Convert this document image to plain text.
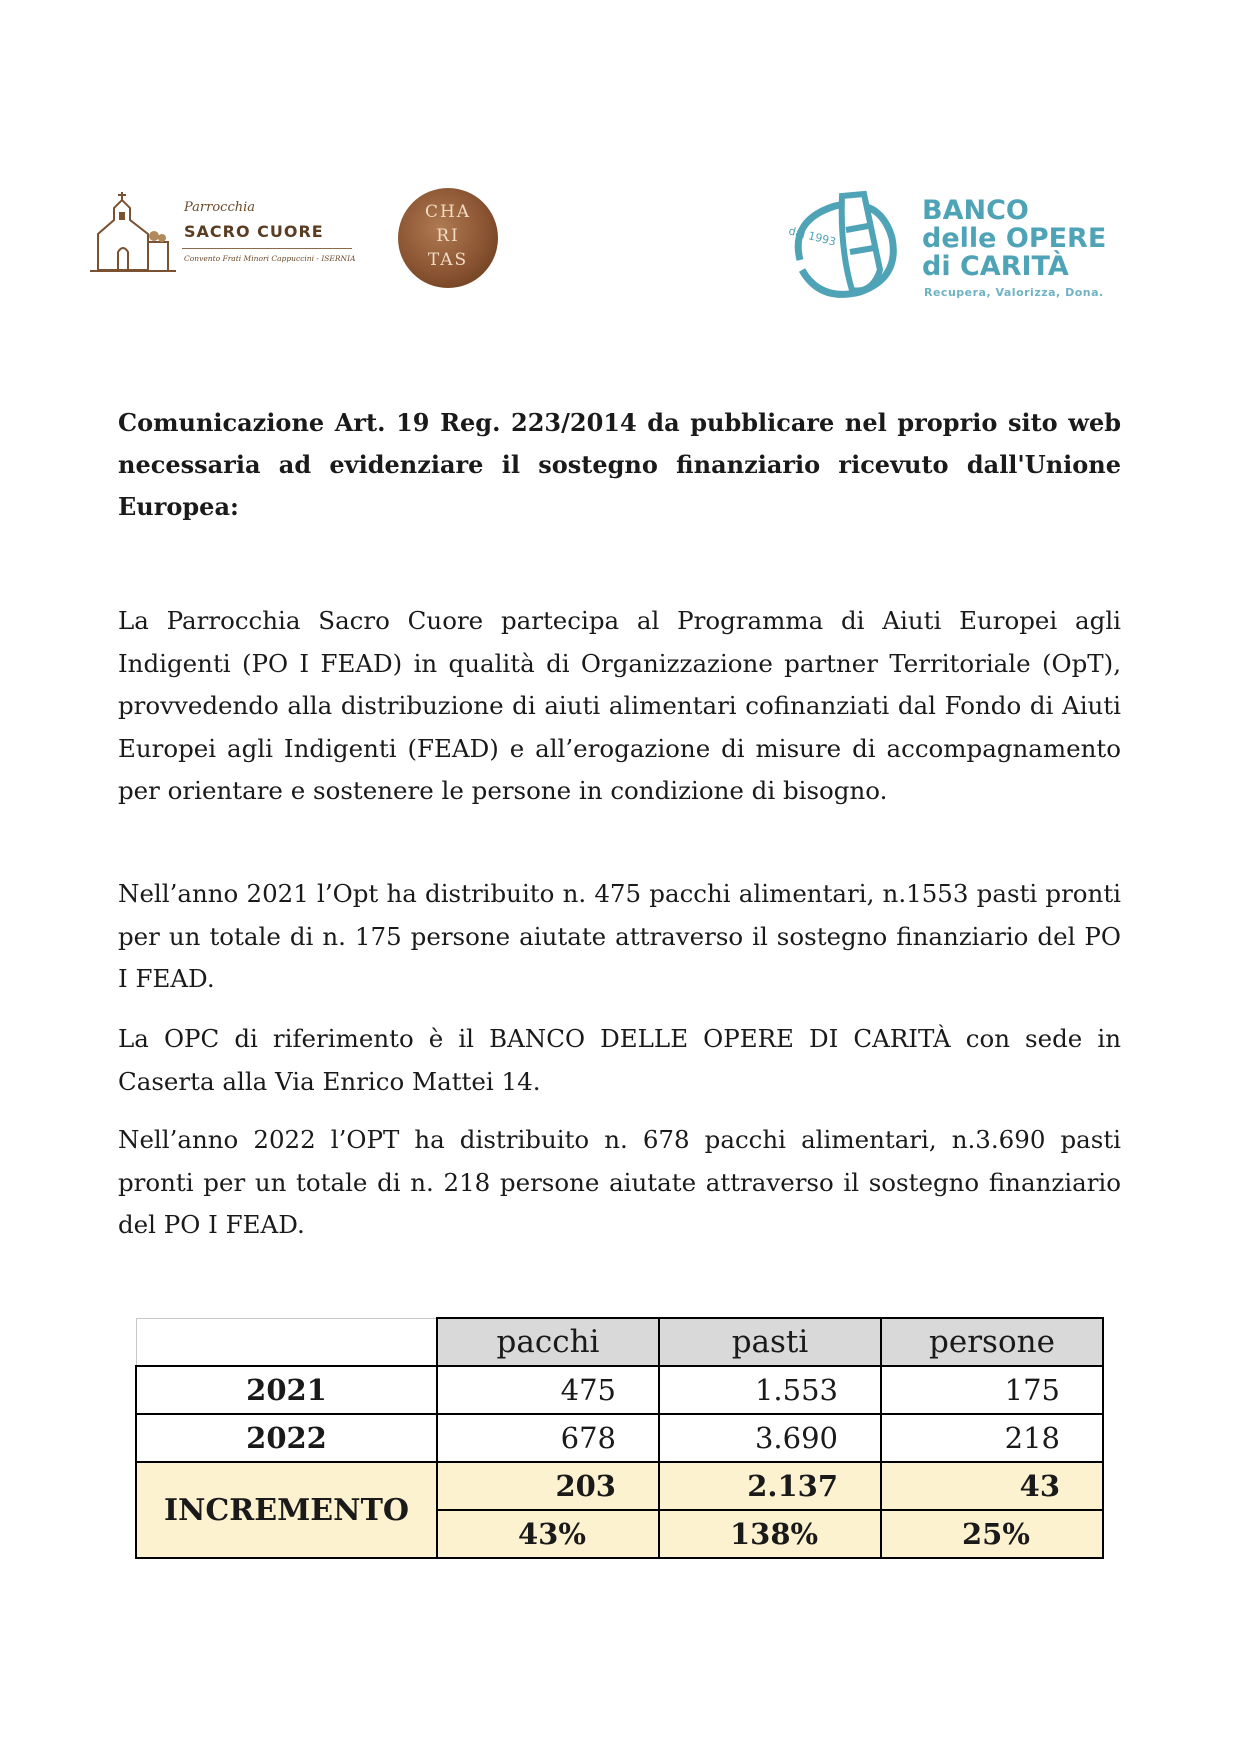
Parrocchia
SACRO CUORE
Convento Frati Minori Cappuccini - ISERNIA
CHA
RI
TAS
dal 1993
BANCO
delle OPERE
di CARITÀ
Recupera, Valorizza, Dona.
Comunicazione Art. 19 Reg. 223/2014 da pubblicare nel proprio sito web necessaria ad evidenziare il sostegno finanziario ricevuto dall'Unione Europea:

La Parrocchia Sacro Cuore partecipa al Programma di Aiuti Europei agli Indigenti (PO I FEAD) in qualità di Organizzazione partner Territoriale (OpT), provvedendo alla distribuzione di aiuti alimentari cofinanziati dal Fondo di Aiuti Europei agli Indigenti (FEAD) e all’erogazione di misure di accompagnamento per orientare e sostenere le persone in condizione di bisogno.

Nell’anno 2021 l’Opt ha distribuito n. 475 pacchi alimentari, n.1553 pasti pronti per un totale di n. 175 persone aiutate attraverso il sostegno finanziario del PO I FEAD.

La OPC di riferimento è il BANCO DELLE OPERE DI CARITÀ con sede in Caserta alla Via Enrico Mattei 14.

Nell’anno 2022 l’OPT ha distribuito n. 678 pacchi alimentari, n.3.690 pasti pronti per un totale di n. 218 persone aiutate attraverso il sostegno finanziario del PO I FEAD.

	pacchi	pasti	persone
2021	475	1.553	175
2022	678	3.690	218
INCREMENTO	203	2.137	43
	43%	138%	25%
